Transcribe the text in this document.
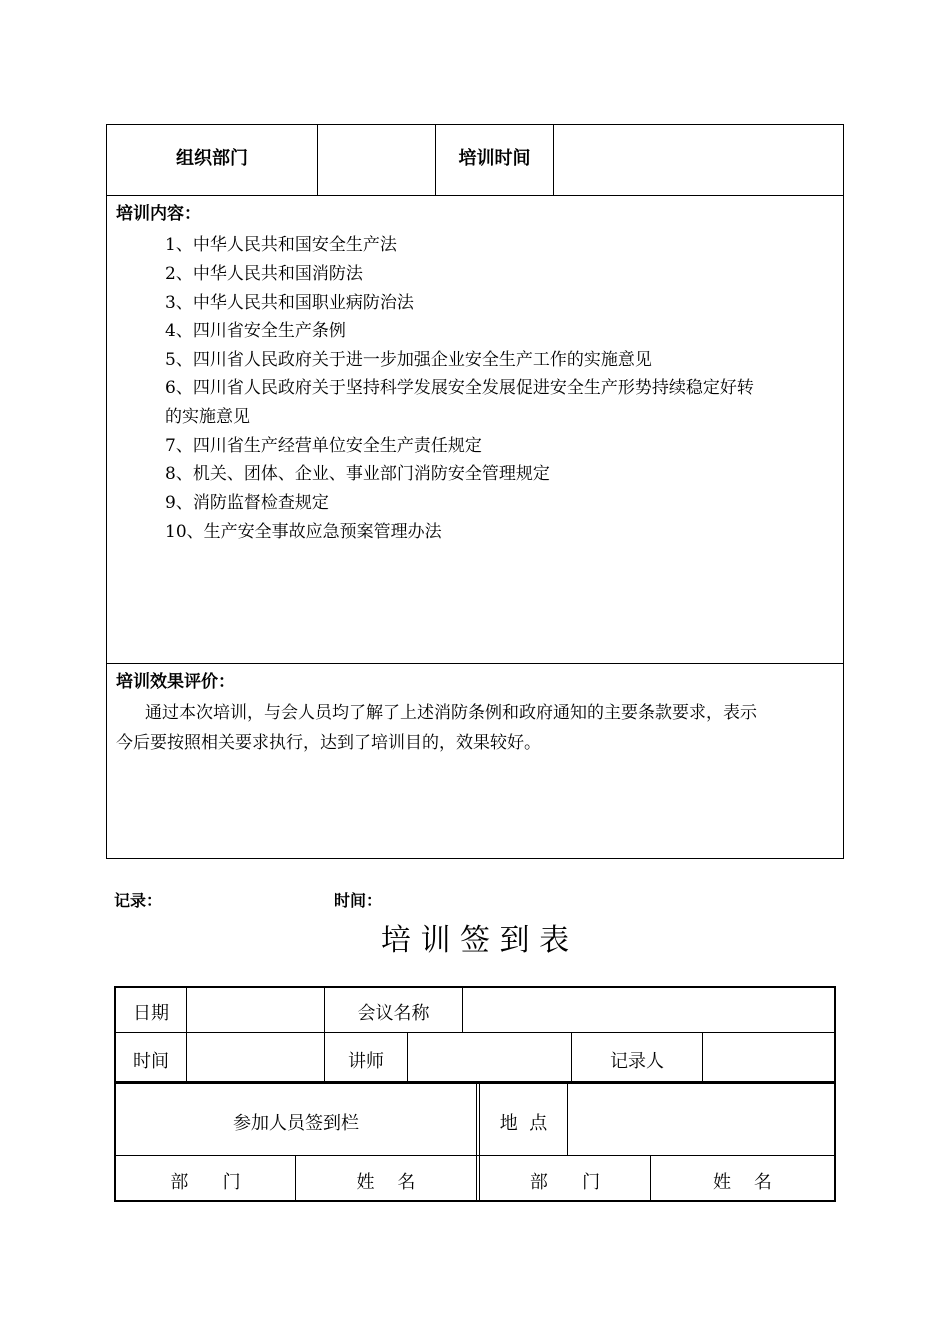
组织部门	培训时间
培训内容：
1、中华人民共和国安全生产法
2、中华人民共和国消防法
3、中华人民共和国职业病防治法
4、四川省安全生产条例
5、四川省人民政府关于进一步加强企业安全生产工作的实施意见
6、四川省人民政府关于坚持科学发展安全发展促进安全生产形势持续稳定好转
的实施意见
7、四川省生产经营单位安全生产责任规定
8、机关、团体、企业、事业部门消防安全管理规定
9、消防监督检查规定
10、生产安全事故应急预案管理办法
培训效果评价：
通过本次培训，与会人员均了解了上述消防条例和政府通知的主要条款要求，表示
今后要按照相关要求执行，达到了培训目的，效果较好。
记录：	时间：
培 训 签 到 表
日期	会议名称
时间	讲师	记录人
参加人员签到栏	地  点
部      门	姓    名	部      门	姓    名
